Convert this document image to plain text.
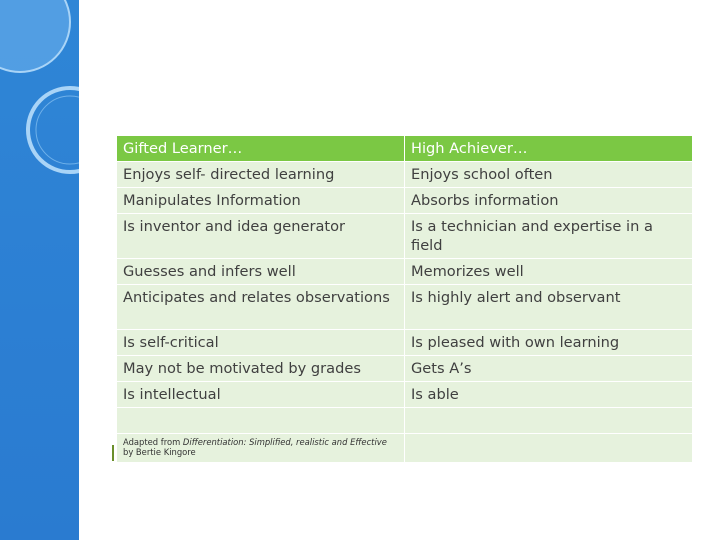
Gifted Learner…	High Achiever…
Enjoys self- directed learning	Enjoys school often
Manipulates Information	Absorbs information
Is inventor and idea generator	Is a technician and expertise in a field
Guesses and infers well	Memorizes well
Anticipates and relates observations	Is highly alert and observant
Is self-critical	Is pleased with own learning
May not be motivated by grades	Gets A’s
Is intellectual	Is able

Adapted from Differentiation: Simplified, realistic and Effective
by Bertie Kingore	
